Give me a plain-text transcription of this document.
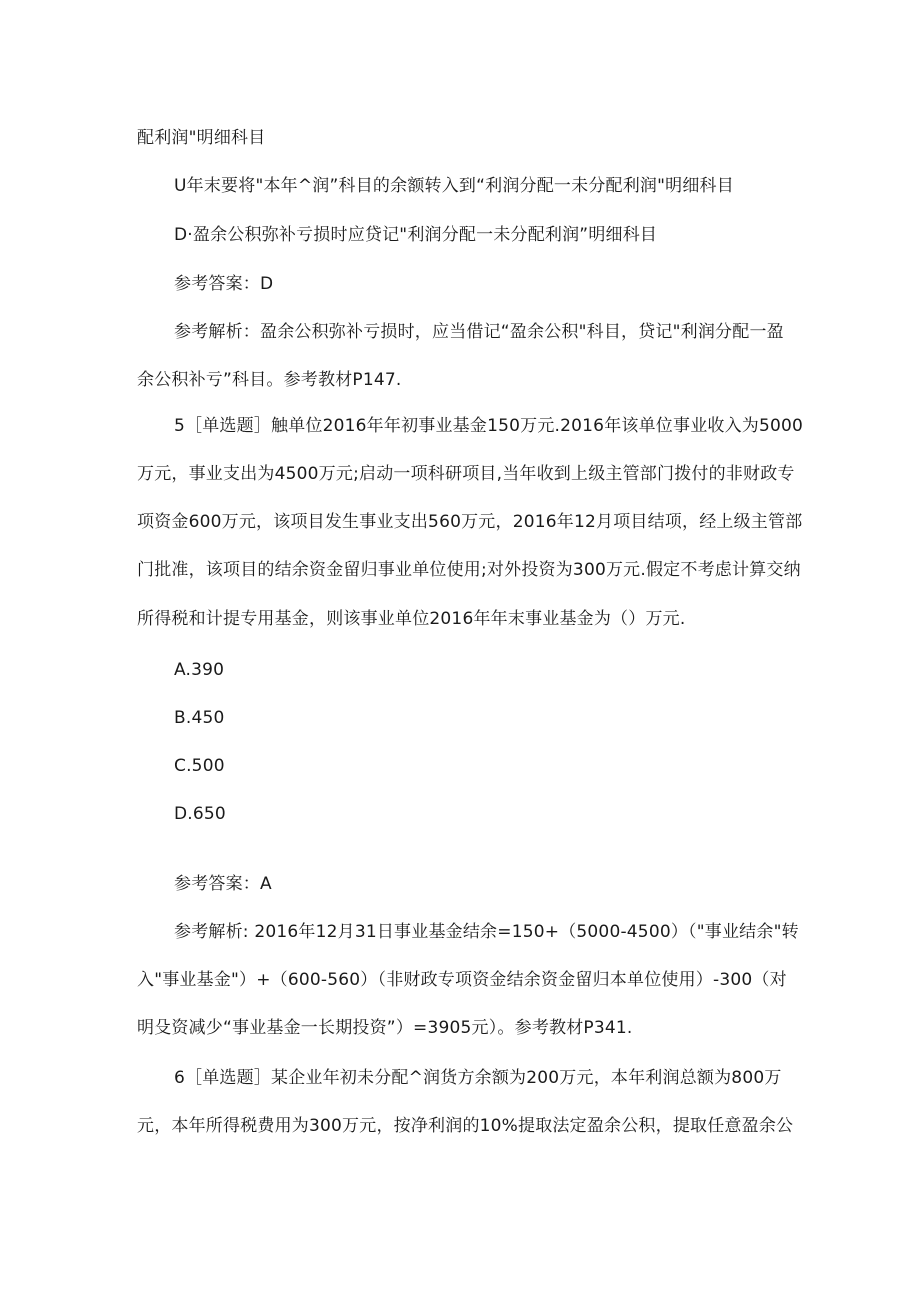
配利润"明细科目
U年末要将"本年^润”科目的余额转入到“利润分配一未分配利润"明细科目
D·盈余公积弥补亏损时应贷记"利润分配一未分配利润”明细科目
参考答案：D
参考解析：盈余公积弥补亏损时，应当借记“盈余公积"科目，贷记"利润分配一盈
余公积补亏”科目。参考教材P147.
5［单选题］触单位2016年年初事业基金150万元.2016年该单位事业收入为5000
万元，事业支出为4500万元;启动一项科研项目,当年收到上级主管部门拨付的非财政专
项资金600万元，该项目发生事业支出560万元，2016年12月项目结项，经上级主管部
门批准，该项目的结余资金留归事业单位使用;对外投资为300万元.假定不考虑计算交纳
所得税和计提专用基金，则该事业单位2016年年末事业基金为（）万元.
A.390
B.450
C.500
D.650
参考答案：A
参考解析: 2016年12月31日事业基金结余=150+（5000-4500）（"事业结余"转
入"事业基金"）+（600-560）（非财政专项资金结余资金留归本单位使用）-300（对
明殳资减少“事业基金一长期投资”）=3905元）。参考教材P341.
6［单选题］某企业年初未分配^润货方余额为200万元，本年利润总额为800万
元，本年所得税费用为300万元，按净利润的10%提取法定盈余公积，提取任意盈余公
